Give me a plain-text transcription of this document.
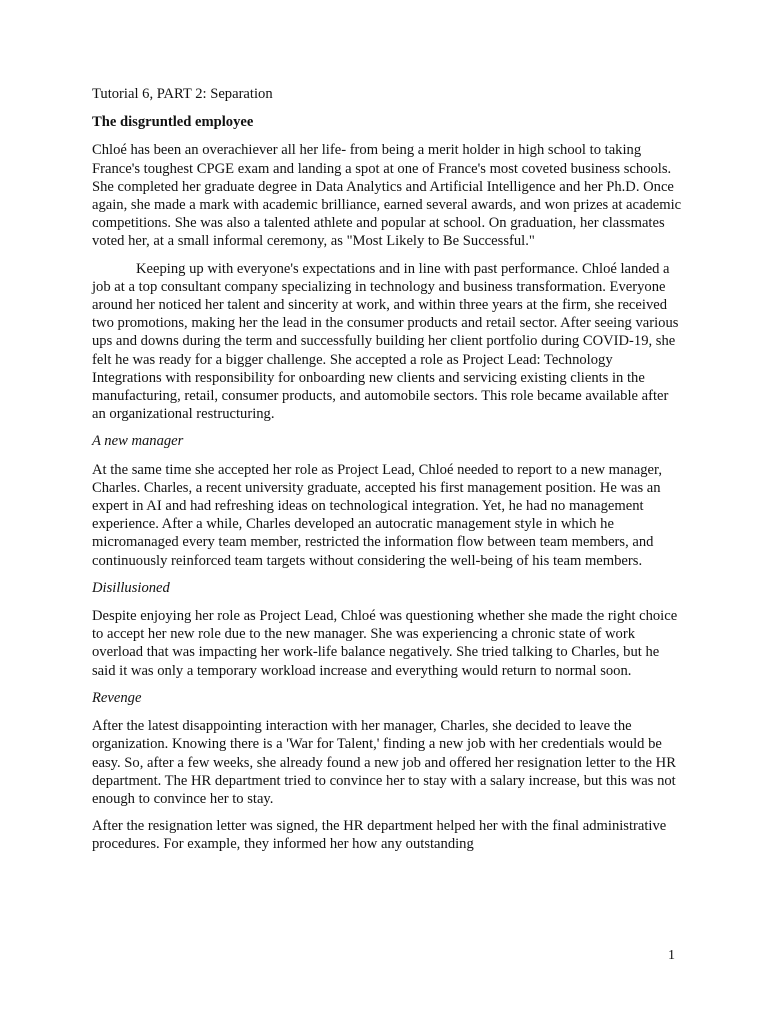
Tutorial 6, PART 2: Separation

The disgruntled employee

Chloé has been an overachiever all her life- from being a merit holder in high school to taking France's toughest CPGE exam and landing a spot at one of France's most coveted business schools. She completed her graduate degree in Data Analytics and Artificial Intelligence and her Ph.D. Once again, she made a mark with academic brilliance, earned several awards, and won prizes at academic competitions. She was also a talented athlete and popular at school. On graduation, her classmates voted her, at a small informal ceremony, as "Most Likely to Be Successful."

Keeping up with everyone's expectations and in line with past performance. Chloé landed a job at a top consultant company specializing in technology and business transformation. Everyone around her noticed her talent and sincerity at work, and within three years at the firm, she received two promotions, making her the lead in the consumer products and retail sector. After seeing various ups and downs during the term and successfully building her client portfolio during COVID-19, she felt he was ready for a bigger challenge. She accepted a role as Project Lead: Technology Integrations with responsibility for onboarding new clients and servicing existing clients in the manufacturing, retail, consumer products, and automobile sectors. This role became available after an organizational restructuring.

A new manager

At the same time she accepted her role as Project Lead, Chloé needed to report to a new manager, Charles. Charles, a recent university graduate, accepted his first management position. He was an expert in AI and had refreshing ideas on technological integration. Yet, he had no management experience. After a while, Charles developed an autocratic management style in which he micromanaged every team member, restricted the information flow between team members, and continuously reinforced team targets without considering the well-being of his team members.

Disillusioned

Despite enjoying her role as Project Lead, Chloé was questioning whether she made the right choice to accept her new role due to the new manager. She was experiencing a chronic state of work overload that was impacting her work-life balance negatively. She tried talking to Charles, but he said it was only a temporary workload increase and everything would return to normal soon.

Revenge

After the latest disappointing interaction with her manager, Charles, she decided to leave the organization. Knowing there is a 'War for Talent,' finding a new job with her credentials would be easy. So, after a few weeks, she already found a new job and offered her resignation letter to the HR department. The HR department tried to convince her to stay with a salary increase, but this was not enough to convince her to stay.

After the resignation letter was signed, the HR department helped her with the final administrative procedures. For example, they informed her how any outstanding

1
